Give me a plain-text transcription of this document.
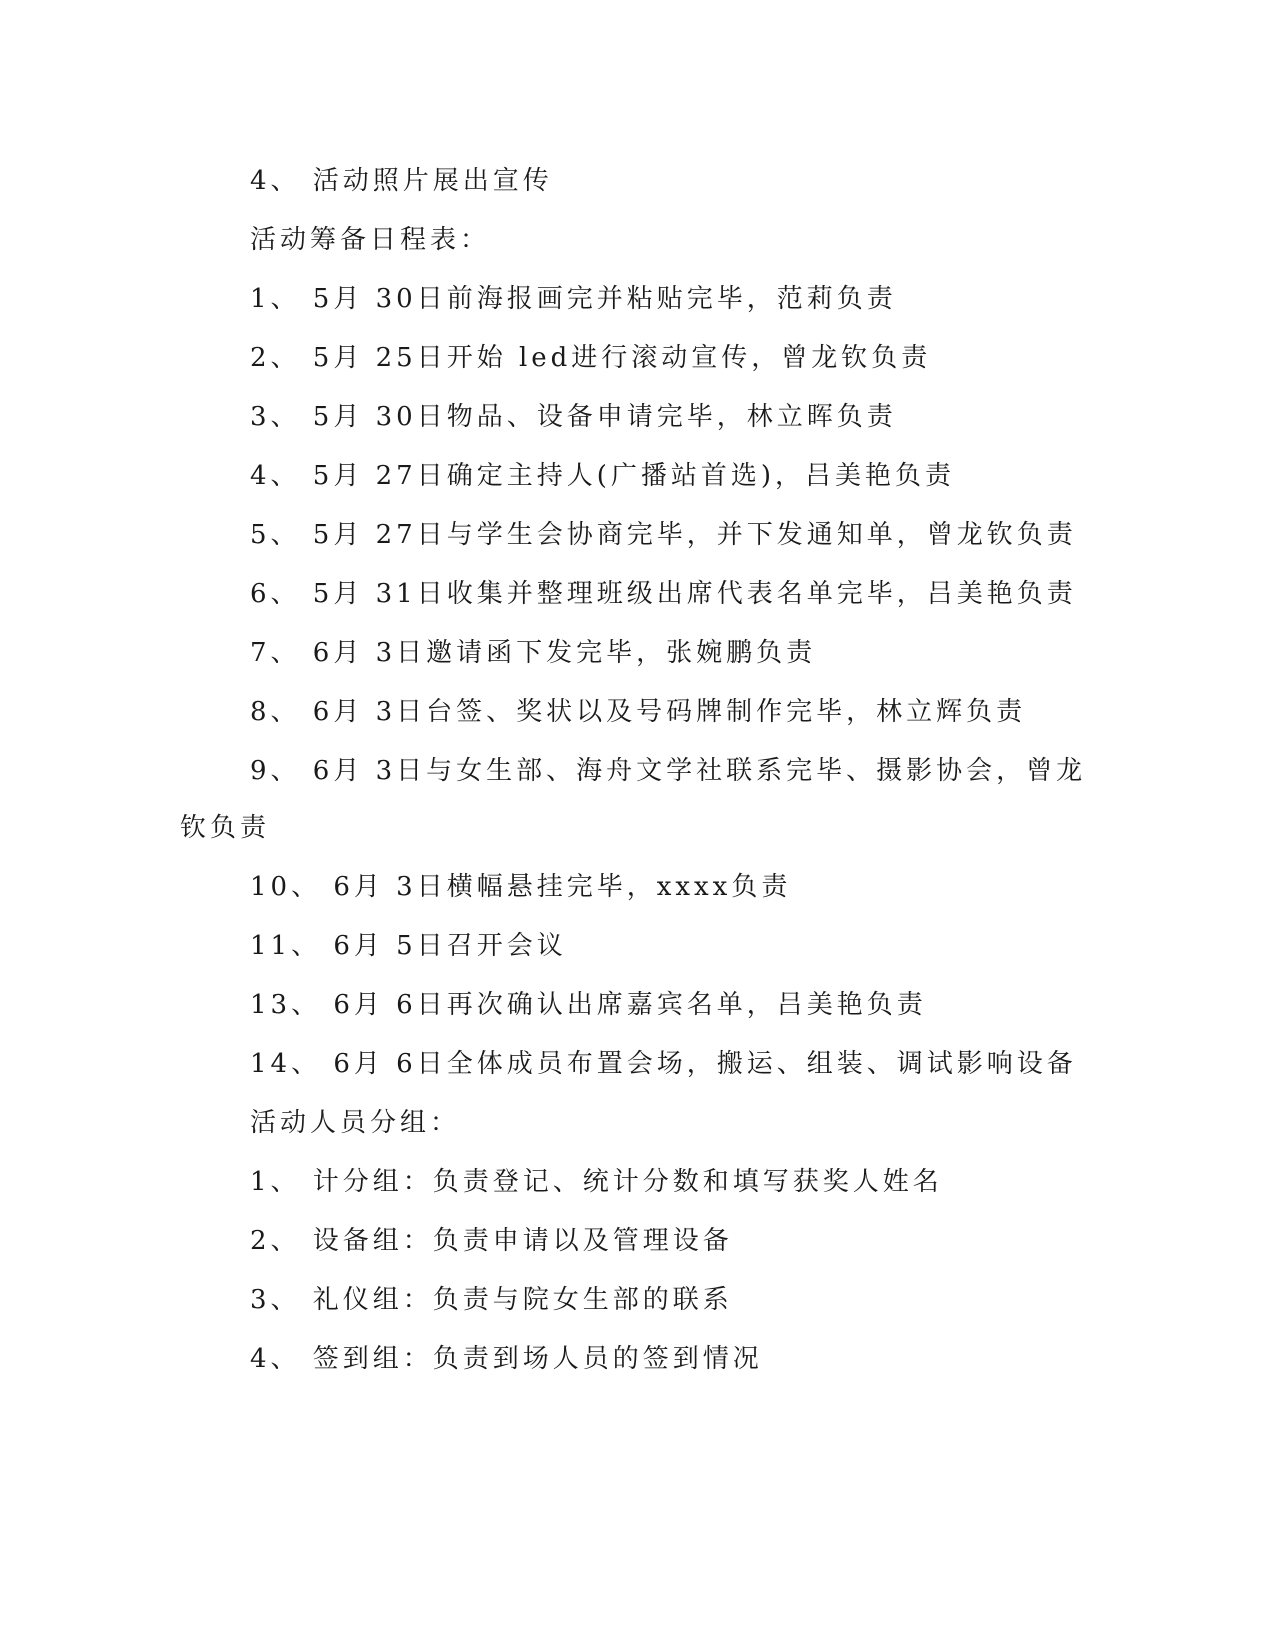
4、 活动照片展出宣传
活动筹备日程表：
1、 5月 30日前海报画完并粘贴完毕，范莉负责
2、 5月 25日开始 led进行滚动宣传，曾龙钦负责
3、 5月 30日物品、设备申请完毕，林立晖负责
4、 5月 27日确定主持人(广播站首选)，吕美艳负责
5、 5月 27日与学生会协商完毕，并下发通知单，曾龙钦负责
6、 5月 31日收集并整理班级出席代表名单完毕，吕美艳负责
7、 6月 3日邀请函下发完毕，张婉鹏负责
8、 6月 3日台签、奖状以及号码牌制作完毕，林立辉负责
9、 6月 3日与女生部、海舟文学社联系完毕、摄影协会，曾龙
钦负责
10、 6月 3日横幅悬挂完毕，xxxx负责
11、 6月 5日召开会议
13、 6月 6日再次确认出席嘉宾名单，吕美艳负责
14、 6月 6日全体成员布置会场，搬运、组装、调试影响设备
活动人员分组：
1、 计分组：负责登记、统计分数和填写获奖人姓名
2、 设备组：负责申请以及管理设备
3、 礼仪组：负责与院女生部的联系
4、 签到组：负责到场人员的签到情况
